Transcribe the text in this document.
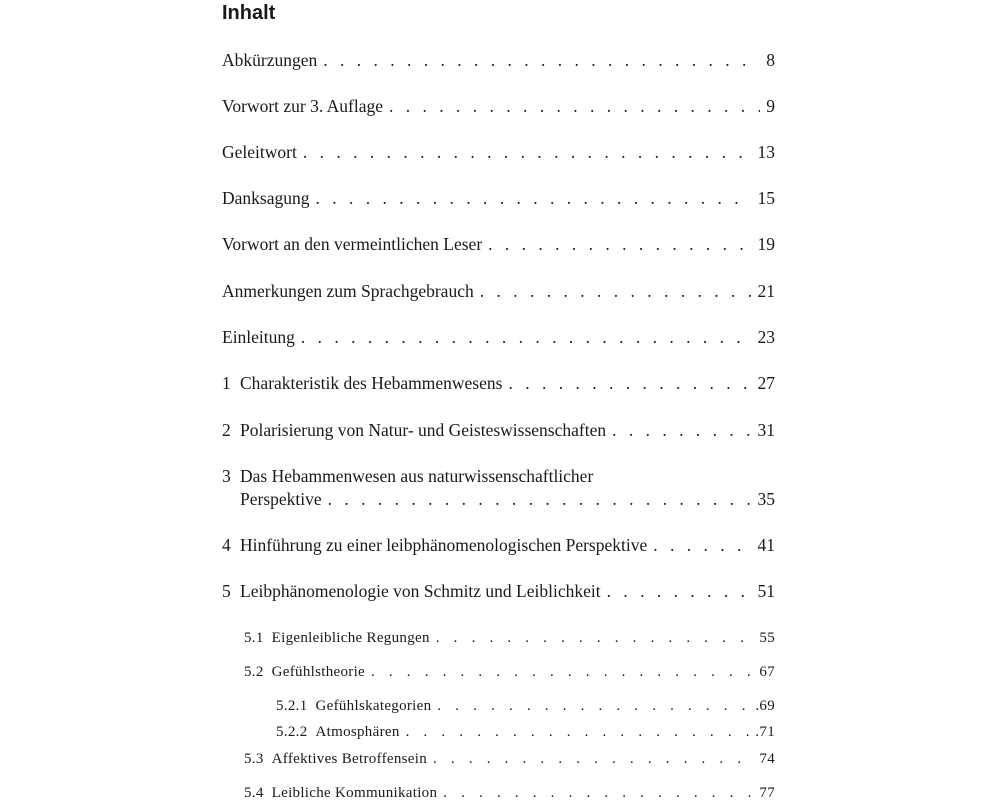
Inhalt
Abkürzungen . . .	8
Vorwort zur 3. Auflage . . .	9
Geleitwort . . .	13
Danksagung . . .	15
Vorwort an den vermeintlichen Leser . . .	19
Anmerkungen zum Sprachgebrauch . . .	21
Einleitung . . .	23
1 Charakteristik des Hebammenwesens . . .	27
2 Polarisierung von Natur- und Geisteswissenschaften . . .	31
3 Das Hebammenwesen aus naturwissenschaftlicher
Perspektive . . .	35
4 Hinführung zu einer leibphänomenologischen Perspektive . . .	41
5 Leibphänomenologie von Schmitz und Leiblichkeit . . .	51
5.1 Eigenleibliche Regungen . . .	55
5.2 Gefühlstheorie . . .	67
5.2.1 Gefühlskategorien . . .	.69
5.2.2 Atmosphären . . .	.71
5.3 Affektives Betroffensein . . .	74
5.4 Leibliche Kommunikation . . .	77
